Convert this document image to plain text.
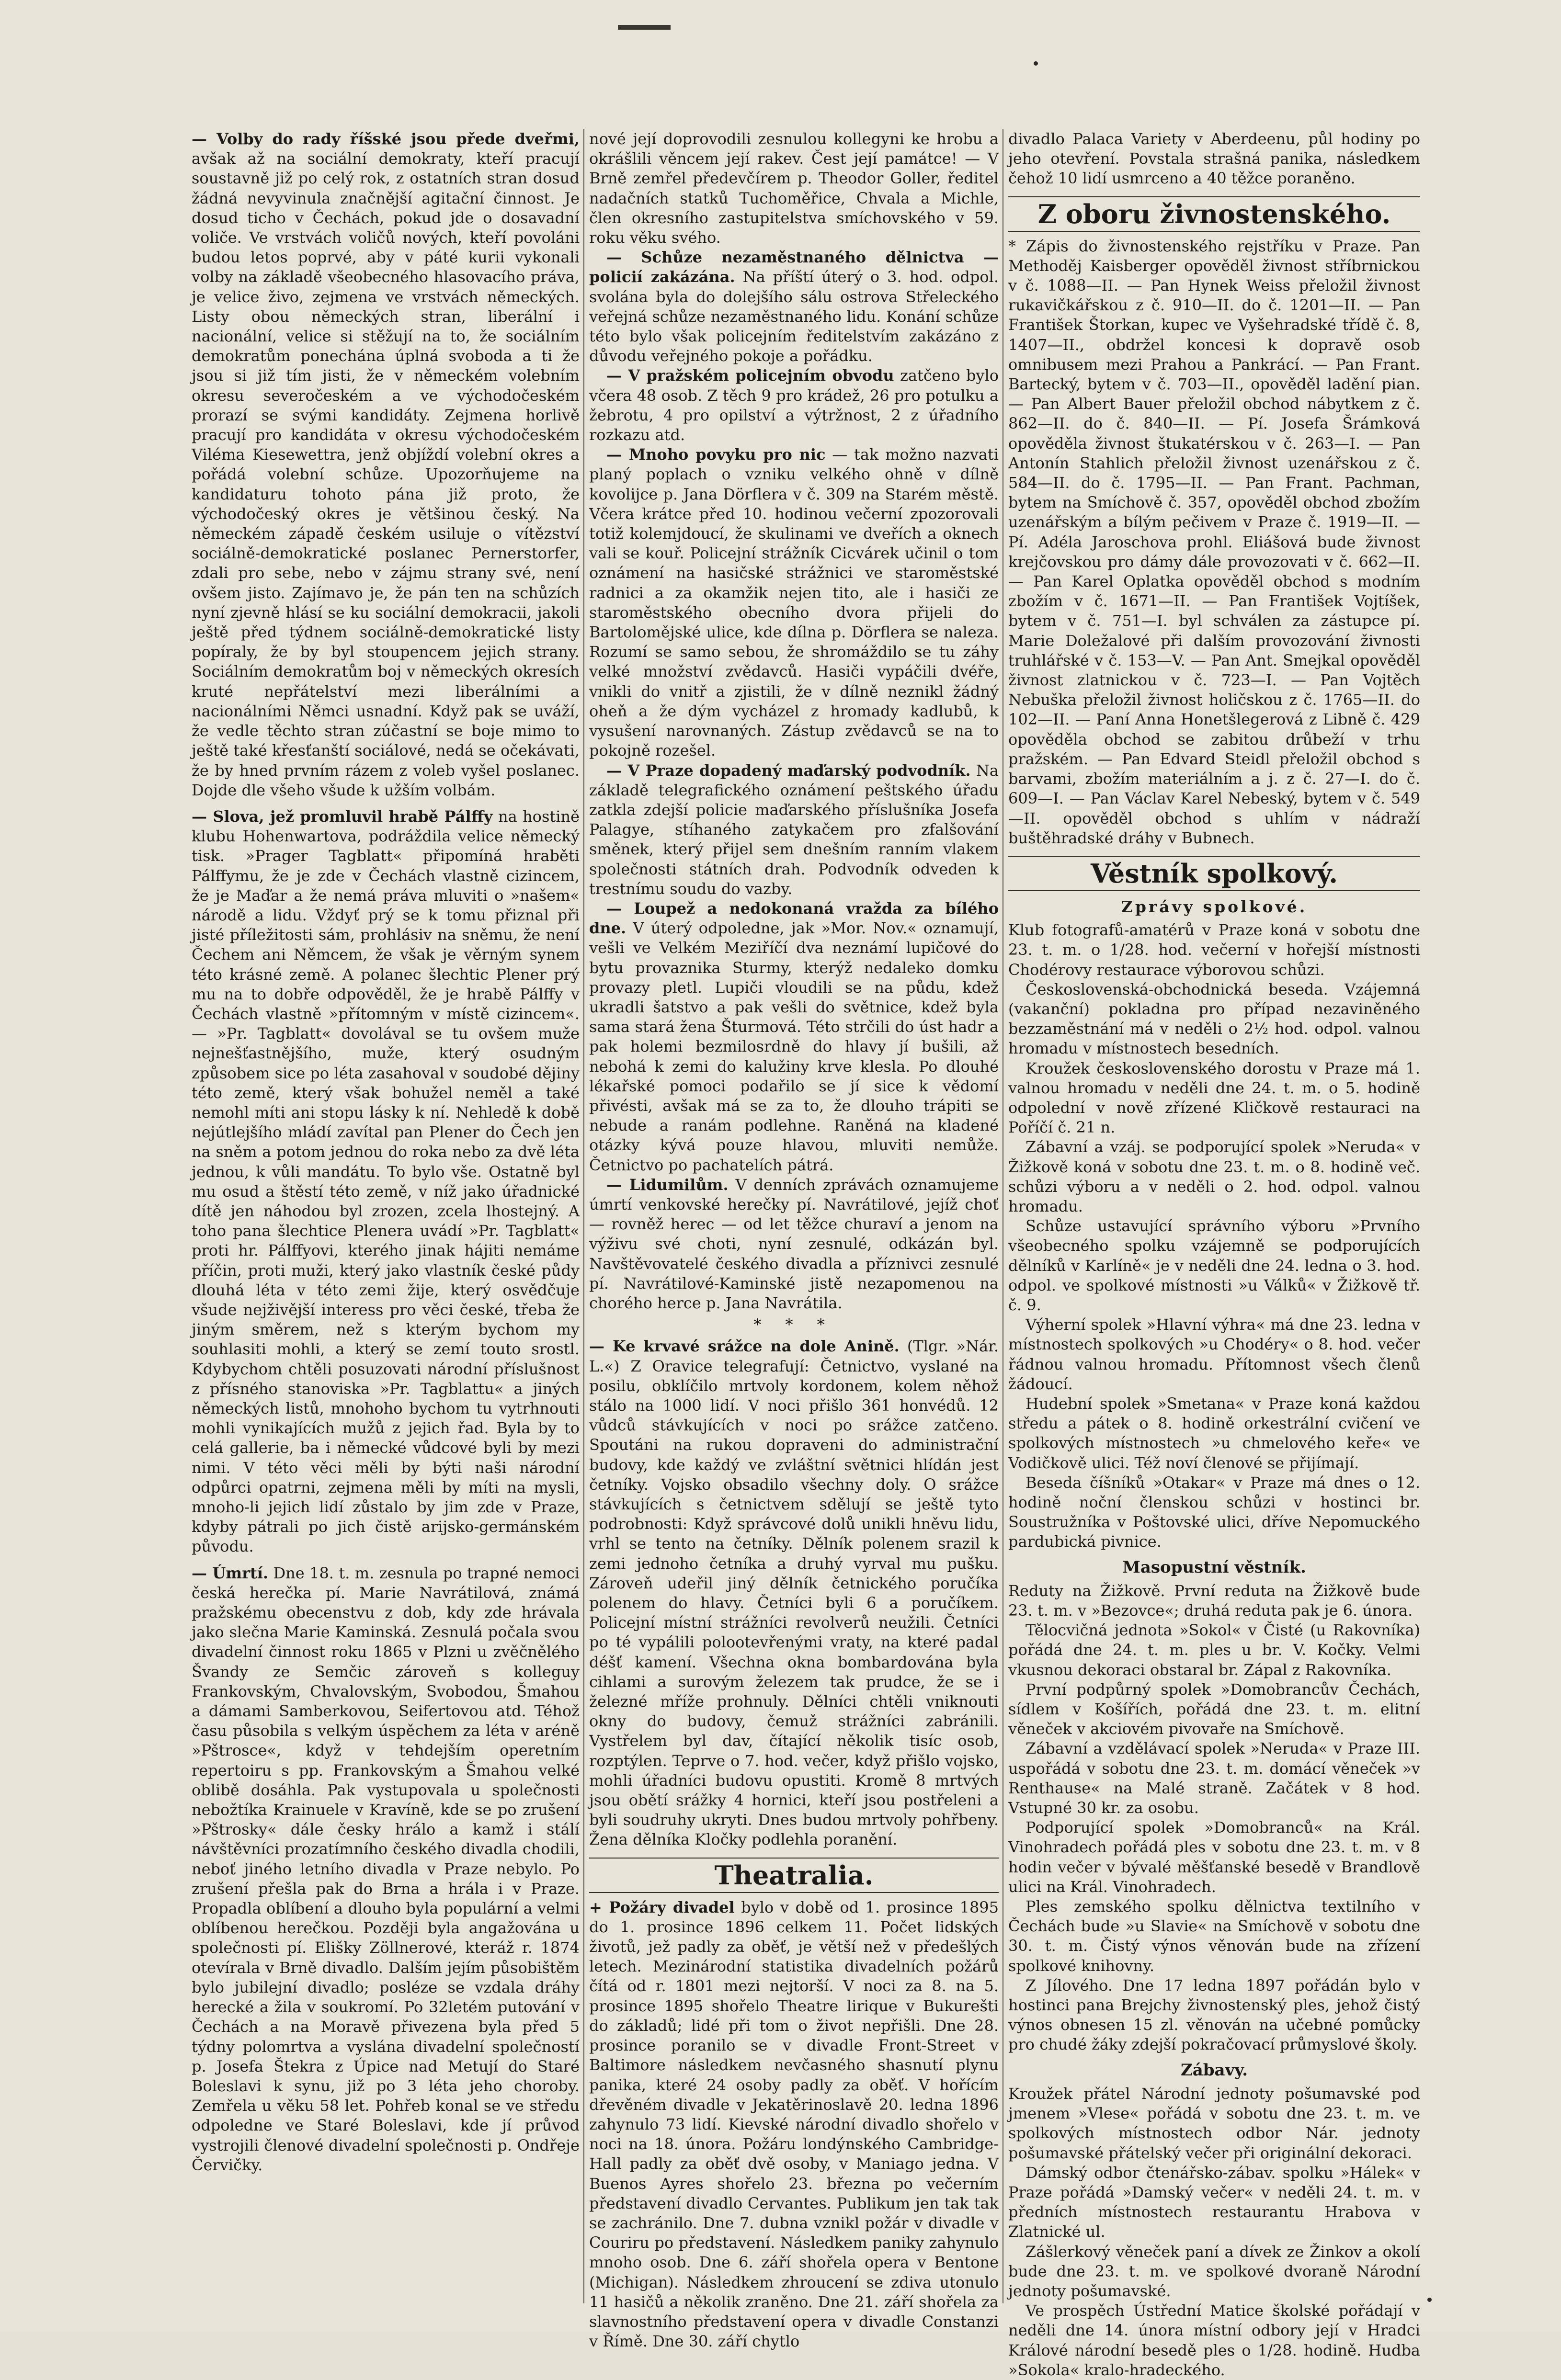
— Volby do rady říšské jsou přede dveřmi, avšak až na sociální demokraty, kteří pracují soustavně již po celý rok, z ostatních stran dosud žádná nevyvinula značnější agitační činnost. Je dosud ticho v Čechách, pokud jde o dosavadní voliče. Ve vrstvách voličů nových, kteří povoláni budou letos poprvé, aby v páté kurii vykonali volby na základě všeobecného hlasovacího práva, je velice živo, zejmena ve vrstvách německých. Listy obou německých stran, liberální i nacionální, velice si stěžují na to, že sociálním demokratům ponechána úplná svoboda a ti že jsou si již tím jisti, že v německém volebním okresu severočeském a ve východočeském prorazí se svými kandidáty. Zejmena horlivě pracují pro kandidáta v okresu východočeském Viléma Kiesewettra, jenž objíždí volební okres a pořádá volební schůze. Upozorňujeme na kandidaturu tohoto pána již proto, že východočeský okres je většinou český. Na německém západě českém usiluje o vítězství sociálně-demokratické poslanec Pernerstorfer, zdali pro sebe, nebo v zájmu strany své, není ovšem jisto. Zajímavo je, že pán ten na schůzích nyní zjevně hlásí se ku sociální demokracii, jakoli ještě před týdnem sociálně-demokratické listy popíraly, že by byl stoupencem jejich strany. Sociálním demokratům boj v německých okresích kruté nepřátelství mezi liberálními a nacionálními Němci usnadní. Když pak se uváží, že vedle těchto stran zúčastní se boje mimo to ještě také křesťanští sociálové, nedá se očekávati, že by hned prvním rázem z voleb vyšel poslanec. Dojde dle všeho všude k užším volbám.

— Slova, jež promluvil hrabě Pálffy na hostině klubu Hohenwartova, podráždila velice německý tisk. »Prager Tagblatt« připomíná hraběti Pálffymu, že je zde v Čechách vlastně cizincem, že je Maďar a že nemá práva mluviti o »našem« národě a lidu. Vždyť prý se k tomu přiznal při jisté příležitosti sám, prohlásiv na sněmu, že není Čechem ani Němcem, že však je věrným synem této krásné země. A polanec šlechtic Plener prý mu na to dobře odpověděl, že je hrabě Pálffy v Čechách vlastně »přítomným v místě cizincem«. — »Pr. Tagblatt« dovolával se tu ovšem muže nejnešťastnějšího, muže, který osudným způsobem sice po léta zasahoval v soudobé dějiny této země, který však bohužel neměl a také nemohl míti ani stopu lásky k ní. Nehledě k době nejútlejšího mládí zavítal pan Plener do Čech jen na sněm a potom jednou do roka nebo za dvě léta jednou, k vůli mandátu. To bylo vše. Ostatně byl mu osud a štěstí této země, v níž jako úřadnické dítě jen náhodou byl zrozen, zcela lhostejný. A toho pana šlechtice Plenera uvádí »Pr. Tagblatt« proti hr. Pálffyovi, kterého jinak hájiti nemáme příčin, proti muži, který jako vlastník české půdy dlouhá léta v této zemi žije, který osvědčuje všude nejživější interess pro věci české, třeba že jiným směrem, než s kterým bychom my souhlasiti mohli, a který se zemí touto srostl. Kdybychom chtěli posuzovati národní příslušnost z přísného stanoviska »Pr. Tagblattu« a jiných německých listů, mnohoho bychom tu vytrhnouti mohli vynikajících mužů z jejich řad. Byla by to celá gallerie, ba i německé vůdcové byli by mezi nimi. V této věci měli by býti naši národní odpůrci opatrni, zejmena měli by míti na mysli, mnoho-li jejich lidí zůstalo by jim zde v Praze, kdyby pátrali po jich čistě arijsko-germánském původu.

— Úmrtí. Dne 18. t. m. zesnula po trapné nemoci česká herečka pí. Marie Navrátilová, známá pražskému obecenstvu z dob, kdy zde hrávala jako slečna Marie Kaminská. Zesnulá počala svou divadelní činnost roku 1865 v Plzni u zvěčnělého Švandy ze Semčic zároveň s kolleguy Frankovským, Chvalovským, Svobodou, Šmahou a dámami Samberkovou, Seifertovou atd. Téhož času působila s velkým úspěchem za léta v aréně »Pštrosce«, když v tehdejším operetním repertoiru s pp. Frankovským a Šmahou velké oblibě dosáhla. Pak vystupovala u společnosti nebožtíka Krainuele v Kravíně, kde se po zrušení »Pštrosky« dále česky hrálo a kamž i stálí návštěvníci prozatímního českého divadla chodili, neboť jiného letního divadla v Praze nebylo. Po zrušení přešla pak do Brna a hrála i v Praze. Propadla oblíbení a dlouho byla populární a velmi oblíbenou herečkou. Později byla angažována u společnosti pí. Elišky Zöllnerové, kteráž r. 1874 otevírala v Brně divadlo. Dalším jejím působištěm bylo jubilejní divadlo; posléze se vzdala dráhy herecké a žila v soukromí. Po 32letém putování v Čechách a na Moravě přivezena byla před 5 týdny polomrtva a vyslána divadelní společností p. Josefa Štekra z Úpice nad Metují do Staré Boleslavi k synu, již po 3 léta jeho choroby. Zemřela u věku 58 let. Pohřeb konal se ve středu odpoledne ve Staré Boleslavi, kde jí průvod vystrojili členové divadelní společnosti p. Ondřeje Červičky.

nové její doprovodili zesnulou kollegyni ke hrobu a okrášlili věncem její rakev. Čest její památce! — V Brně zemřel předevčírem p. Theodor Goller, ředitel nadačních statků Tuchoměřice, Chvala a Michle, člen okresního zastupitelstva smíchovského v 59. roku věku svého.

— Schůze nezaměstnaného dělnictva — policií zakázána. Na příští úterý o 3. hod. odpol. svolána byla do dolejšího sálu ostrova Střeleckého veřejná schůze nezaměstnaného lidu. Konání schůze této bylo však policejním ředitelstvím zakázáno z důvodu veřejného pokoje a pořádku.

— V pražském policejním obvodu zatčeno bylo včera 48 osob. Z těch 9 pro krádež, 26 pro potulku a žebrotu, 4 pro opilství a výtržnost, 2 z úřadního rozkazu atd.

— Mnoho povyku pro nic — tak možno nazvati planý poplach o vzniku velkého ohně v dílně kovolijce p. Jana Dörflera v č. 309 na Starém městě. Včera krátce před 10. hodinou večerní zpozorovali totiž kolemjdoucí, že skulinami ve dveřích a oknech vali se kouř. Policejní strážník Cicvárek učinil o tom oznámení na hasičské strážnici ve staroměstské radnici a za okamžik nejen tito, ale i hasiči ze staroměstského obecního dvora přijeli do Bartolomějské ulice, kde dílna p. Dörflera se naleza. Rozumí se samo sebou, že shromáždilo se tu záhy velké množství zvědavců. Hasiči vypáčili dvéře, vnikli do vnitř a zjistili, že v dílně neznikl žádný oheň a že dým vycházel z hromady kadlubů, k vysušení narovnaných. Zástup zvědavců se na to pokojně rozešel.

— V Praze dopadený maďarský podvodník. Na základě telegrafického oznámení peštského úřadu zatkla zdejší policie maďarského příslušníka Josefa Palagye, stíhaného zatykačem pro zfalšování směnek, který přijel sem dnešním ranním vlakem společnosti státních drah. Podvodník odveden k trestnímu soudu do vazby.

— Loupež a nedokonaná vražda za bílého dne. V úterý odpoledne, jak »Mor. Nov.« oznamují, vešli ve Velkém Meziříčí dva neznámí lupičové do bytu provaznika Sturmy, kterýž nedaleko domku provazy pletl. Lupiči vloudili se na půdu, kdež ukradli šatstvo a pak vešli do světnice, kdež byla sama stará žena Šturmová. Této strčili do úst hadr a pak holemi bezmilosrdně do hlavy jí bušili, až nebohá k zemi do kalužiny krve klesla. Po dlouhé lékařské pomoci podařilo se jí sice k vědomí přivésti, avšak má se za to, že dlouho trápiti se nebude a ranám podlehne. Raněná na kladené otázky kývá pouze hlavou, mluviti nemůže. Četnictvo po pachatelích pátrá.

— Lidumilům. V denních zprávách oznamujeme úmrtí venkovské herečky pí. Navrátilové, jejíž choť — rovněž herec — od let těžce churaví a jenom na výživu své choti, nyní zesnulé, odkázán byl. Navštěvovatelé českého divadla a příznivci zesnulé pí. Navrátilové-Kaminské jistě nezapomenou na chorého herce p. Jana Navrátila.

* * *

— Ke krvavé srážce na dole Anině. (Tlgr. »Nár. L.«) Z Oravice telegrafují: Četnictvo, vyslané na posilu, obklíčilo mrtvoly kordonem, kolem něhož stálo na 1000 lidí. V noci přišlo 361 honvédů. 12 vůdců stávkujících v noci po srážce zatčeno. Spoutáni na rukou dopraveni do administrační budovy, kde každý ve zvláštní světnici hlídán jest četníky. Vojsko obsadilo všechny doly. O srážce stávkujících s četnictvem sdělují se ještě tyto podrobnosti: Když správcové dolů unikli hněvu lidu, vrhl se tento na četníky. Dělník polenem srazil k zemi jednoho četníka a druhý vyrval mu pušku. Zároveň udeřil jiný dělník četnického poručíka polenem do hlavy. Četníci byli 6 a poručíkem. Policejní místní strážníci revolverů neužili. Četníci po té vypálili polootevřenými vraty, na které padal déšť kamení. Všechna okna bombardována byla cihlami a surovým železem tak prudce, že se i železné mříže prohnuly. Dělníci chtěli vniknouti okny do budovy, čemuž strážníci zabránili. Vystřelem byl dav, čítající několik tisíc osob, rozptýlen. Teprve o 7. hod. večer, když přišlo vojsko, mohli úřadníci budovu opustiti. Kromě 8 mrtvých jsou obětí srážky 4 hornici, kteří jsou postřeleni a byli soudruhy ukryti. Dnes budou mrtvoly pohřbeny. Žena dělníka Kločky podlehla poranění.

Theatralia.

+ Požáry divadel bylo v době od 1. prosince 1895 do 1. prosince 1896 celkem 11. Počet lidských životů, jež padly za oběť, je větší než v předešlých letech. Mezinárodní statistika divadelních požárů čítá od r. 1801 mezi nejtorší. V noci za 8. na 5. prosince 1895 shořelo Theatre lirique v Bukurešti do základů; lidé při tom o život nepřišli. Dne 28. prosince poranilo se v divadle Front-Street v Baltimore následkem nevčasného shasnutí plynu panika, které 24 osoby padly za oběť. V hořícím dřevěném divadle v Jekatěrinoslavě 20. ledna 1896 zahynulo 73 lidí. Kievské národní divadlo shořelo v noci na 18. února. Požáru londýnského Cambridge-Hall padly za oběť dvě osoby, v Maniago jedna. V Buenos Ayres shořelo 23. března po večerním představení divadlo Cervantes. Publikum jen tak tak se zachránilo. Dne 7. dubna vznikl požár v divadle v Couriru po představení. Následkem paniky zahynulo mnoho osob. Dne 6. září shořela opera v Bentone (Michigan). Následkem zhroucení se zdiva utonulo 11 hasičů a několik zraněno. Dne 21. září shořela za slavnostního představení opera v divadle Constanzi v Římě. Dne 30. září chytlo

divadlo Palaca Variety v Aberdeenu, půl hodiny po jeho otevření. Povstala strašná panika, následkem čehož 10 lidí usmrceno a 40 těžce poraněno.

Z oboru živnostenského.

* Zápis do živnostenského rejstříku v Praze. Pan Methoděj Kaisberger opověděl živnost stříbrnickou v č. 1088—II. — Pan Hynek Weiss přeložil živnost rukavičkářskou z č. 910—II. do č. 1201—II. — Pan František Štorkan, kupec ve Vyšehradské třídě č. 8, 1407—II., obdržel koncesi k dopravě osob omnibusem mezi Prahou a Pankrácí. — Pan Frant. Bartecký, bytem v č. 703—II., opověděl ladění pian. — Pan Albert Bauer přeložil obchod nábytkem z č. 862—II. do č. 840—II. — Pí. Josefa Šrámková opověděla živnost štukatérskou v č. 263—I. — Pan Antonín Stahlich přeložil živnost uzenářskou z č. 584—II. do č. 1795—II. — Pan Frant. Pachman, bytem na Smíchově č. 357, opověděl obchod zbožím uzenářským a bílým pečivem v Praze č. 1919—II. — Pí. Adéla Jaroschova prohl. Eliášová bude živnost krejčovskou pro dámy dále provozovati v č. 662—II. — Pan Karel Oplatka opověděl obchod s modním zbožím v č. 1671—II. — Pan František Vojtíšek, bytem v č. 751—I. byl schválen za zástupce pí. Marie Doležalové při dalším provozování živnosti truhlářské v č. 153—V. — Pan Ant. Smejkal opověděl živnost zlatnickou v č. 723—I. — Pan Vojtěch Nebuška přeložil živnost holičskou z č. 1765—II. do 102—II. — Paní Anna Honetšlegerová z Libně č. 429 opověděla obchod se zabitou drůbeží v trhu pražském. — Pan Edvard Steidl přeložil obchod s barvami, zbožím materiálním a j. z č. 27—I. do č. 609—I. — Pan Václav Karel Nebeský, bytem v č. 549—II. opověděl obchod s uhlím v nádraží buštěhradské dráhy v Bubnech.

Věstník spolkový.
Zprávy spolkové.

Klub fotografů-amatérů v Praze koná v sobotu dne 23. t. m. o 1/28. hod. večerní v hořejší místnosti Chodérovy restaurace výborovou schůzi.

Československá-obchodnická beseda. Vzájemná (vakanční) pokladna pro případ nezaviněného bezzaměstnání má v neděli o 2½ hod. odpol. valnou hromadu v místnostech besedních.

Kroužek československého dorostu v Praze má 1. valnou hromadu v neděli dne 24. t. m. o 5. hodině odpolední v nově zřízené Kličkově restauraci na Poříčí č. 21 n.

Zábavní a vzáj. se podporující spolek »Neruda« v Žižkově koná v sobotu dne 23. t. m. o 8. hodině več. schůzi výboru a v neděli o 2. hod. odpol. valnou hromadu.

Schůze ustavující správního výboru »Prvního všeobecného spolku vzájemně se podporujících dělníků v Karlíně« je v neděli dne 24. ledna o 3. hod. odpol. ve spolkové místnosti »u Válků« v Žižkově tř. č. 9.

Výherní spolek »Hlavní výhra« má dne 23. ledna v místnostech spolkových »u Chodéry« o 8. hod. večer řádnou valnou hromadu. Přítomnost všech členů žádoucí.

Hudební spolek »Smetana« v Praze koná každou středu a pátek o 8. hodině orkestrální cvičení ve spolkových místnostech »u chmelového keře« ve Vodičkově ulici. Též noví členové se přijímají.

Beseda číšníků »Otakar« v Praze má dnes o 12. hodině noční členskou schůzi v hostinci br. Soustružníka v Poštovské ulici, dříve Nepomuckého pardubická pivnice.

Masopustní věstník.

Reduty na Žižkově. První reduta na Žižkově bude 23. t. m. v »Bezovce«; druhá reduta pak je 6. února.

Tělocvičná jednota »Sokol« v Čisté (u Rakovníka) pořádá dne 24. t. m. ples u br. V. Kočky. Velmi vkusnou dekoraci obstaral br. Zápal z Rakovníka.

První podpůrný spolek »Domobrancův Čechách, sídlem v Košířích, pořádá dne 23. t. m. elitní věneček v akciovém pivovaře na Smíchově.

Zábavní a vzdělávací spolek »Neruda« v Praze III. uspořádá v sobotu dne 23. t. m. domácí věneček »v Renthause« na Malé straně. Začátek v 8 hod. Vstupné 30 kr. za osobu.

Podporující spolek »Domobranců« na Král. Vinohradech pořádá ples v sobotu dne 23. t. m. v 8 hodin večer v bývalé měšťanské besedě v Brandlově ulici na Král. Vinohradech.

Ples zemského spolku dělnictva textilního v Čechách bude »u Slavie« na Smíchově v sobotu dne 30. t. m. Čistý výnos věnován bude na zřízení spolkové knihovny.

Z Jílového. Dne 17 ledna 1897 pořádán bylo v hostinci pana Brejchy živnostenský ples, jehož čistý výnos obnesen 15 zl. věnován na učebné pomůcky pro chudé žáky zdejší pokračovací průmyslové školy.

Zábavy.

Kroužek přátel Národní jednoty pošumavské pod jmenem »Vlese« pořádá v sobotu dne 23. t. m. ve spolkových místnostech odbor Nár. jednoty pošumavské přátelský večer při originální dekoraci.

Dámský odbor čtenářsko-zábav. spolku »Hálek« v Praze pořádá »Damský večer« v neděli 24. t. m. v předních místnostech restaurantu Hrabova v Zlatnické ul.

Zášlerkový věneček paní a dívek ze Žinkov a okolí bude dne 23. t. m. ve spolkové dvoraně Národní jednoty pošumavské.

Ve prospěch Ústřední Matice školské pořádají v neděli dne 14. února místní odbory její v Hradci Králové národní besedě ples o 1/28. hodině. Hudba »Sokola« kralo-hradeckého.
